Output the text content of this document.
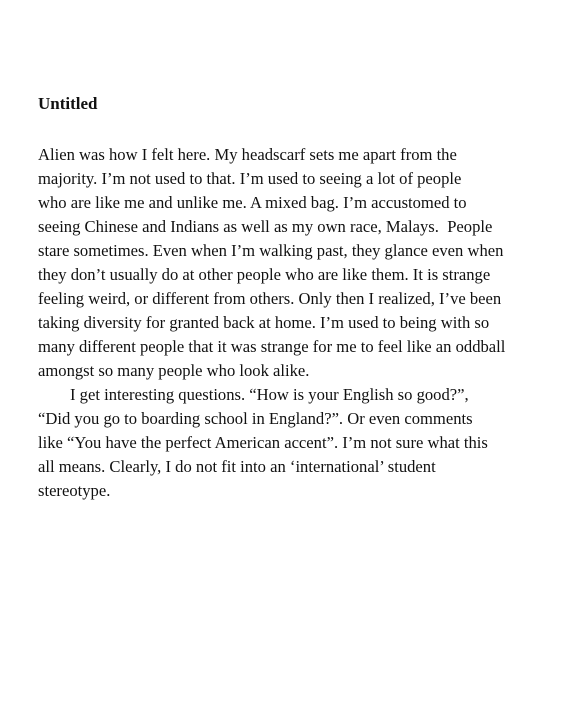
Untitled
Alien was how I felt here. My headscarf sets me apart from the
majority. I’m not used to that. I’m used to seeing a lot of people
who are like me and unlike me. A mixed bag. I’m accustomed to
seeing Chinese and Indians as well as my own race, Malays.  People
stare sometimes. Even when I’m walking past, they glance even when
they don’t usually do at other people who are like them. It is strange
feeling weird, or different from others. Only then I realized, I’ve been
taking diversity for granted back at home. I’m used to being with so
many different people that it was strange for me to feel like an oddball
amongst so many people who look alike.
I get interesting questions. “How is your English so good?”,
“Did you go to boarding school in England?”. Or even comments
like “You have the perfect American accent”. I’m not sure what this
all means. Clearly, I do not fit into an ‘international’ student
stereotype.
